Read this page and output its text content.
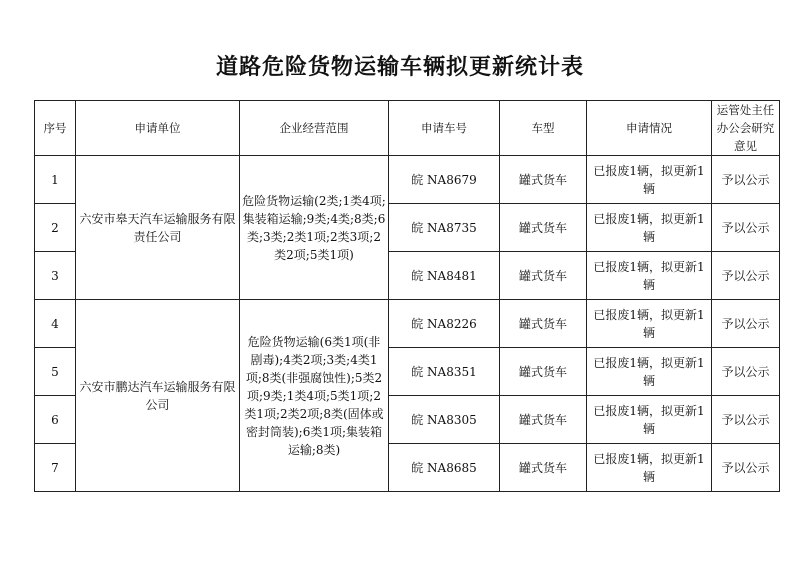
道路危险货物运输车辆拟更新统计表
序号	申请单位	企业经营范围	申请车号	车型	申请情况	运管处主任办公会研究意见
1	六安市皋天汽车运输服务有限责任公司	危险货物运输(2类;1类4项;集装箱运输;9类;4类;8类;6类;3类;2类1项;2类3项;2类2项;5类1项)	皖 NA8679	罐式货车	已报废1辆，拟更新1辆	予以公示
2			皖 NA8735	罐式货车	已报废1辆，拟更新1辆	予以公示
3			皖 NA8481	罐式货车	已报废1辆，拟更新1辆	予以公示
4	六安市鹏达汽车运输服务有限公司	危险货物运输(6类1项(非剧毒);4类2项;3类;4类1项;8类(非强腐蚀性);5类2项;9类;1类4项;5类1项;2类1项;2类2项;8类(固体或密封筒装);6类1项;集装箱运输;8类)	皖 NA8226	罐式货车	已报废1辆，拟更新1辆	予以公示
5			皖 NA8351	罐式货车	已报废1辆，拟更新1辆	予以公示
6			皖 NA8305	罐式货车	已报废1辆，拟更新1辆	予以公示
7			皖 NA8685	罐式货车	已报废1辆，拟更新1辆	予以公示
